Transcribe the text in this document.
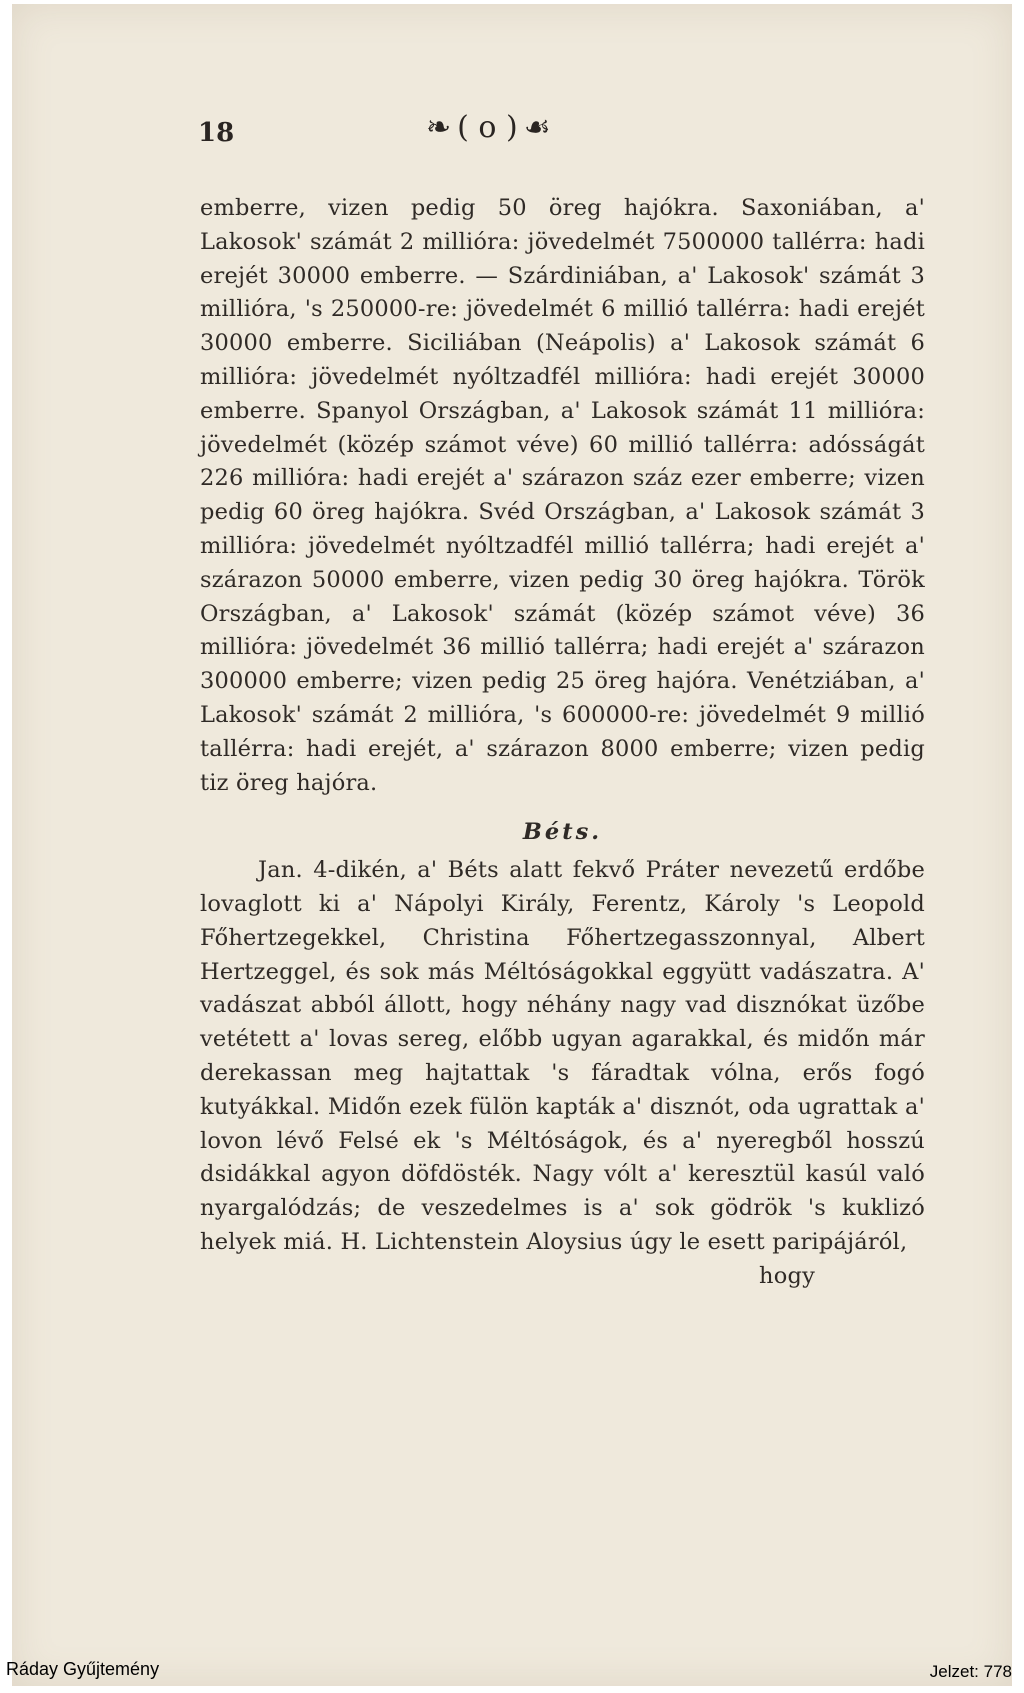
18	❧ ( o ) ☙

emberre, vizen pedig 50 öreg hajókra. Saxoniában, a' Lakosok' számát 2 millióra: jövedelmét 7500000 tallérra: hadi erejét 30000 emberre. — Szárdiniában, a' Lakosok' számát 3 millióra, 's 250000-re: jövedelmét 6 millió tallérra: hadi erejét 30000 emberre. Siciliában (Neápolis) a' Lakosok számát 6 millióra: jövedelmét nyóltzadfél millióra: hadi erejét 30000 emberre. Spanyol Országban, a' Lakosok számát 11 millióra: jövedelmét (közép számot véve) 60 millió tallérra: adósságát 226 millióra: hadi erejét a' szárazon száz ezer emberre; vizen pedig 60 öreg hajókra. Svéd Országban, a' Lakosok számát 3 millióra: jövedelmét nyóltzadfél millió tallérra; hadi erejét a' szárazon 50000 emberre, vizen pedig 30 öreg hajókra. Török Országban, a' Lakosok' számát (közép számot véve) 36 millióra: jövedelmét 36 millió tallérra; hadi erejét a' szárazon 300000 emberre; vizen pedig 25 öreg hajóra. Venétziában, a' Lakosok' számát 2 millióra, 's 600000-re: jövedelmét 9 millió tallérra: hadi erejét, a' szárazon 8000 emberre; vizen pedig tiz öreg hajóra.

Béts.

Jan. 4-dikén, a' Béts alatt fekvő Práter nevezetű erdőbe lovaglott ki a' Nápolyi Király, Ferentz, Károly 's Leopold Főhertzegekkel, Christina Főhertzegasszonnyal, Albert Hertzeggel, és sok más Méltóságokkal eggyütt vadászatra. A' vadászat abból állott, hogy néhány nagy vad disznókat üzőbe vetétett a' lovas sereg, előbb ugyan agarakkal, és midőn már derekassan meg hajtattak 's fáradtak vólna, erős fogó kutyákkal. Midőn ezek fülön kapták a' disznót, oda ugrattak a' lovon lévő Felsé ek 's Méltóságok, és a' nyeregből hosszú dsidákkal agyon döfdösték. Nagy vólt a' keresztül kasúl való nyargalódzás; de veszedelmes is a' sok gödrök 's kuklizó helyek miá. H. Lichtenstein Aloysius úgy le esett paripájáról,

hogy

Ráday Gyűjtemény	Jelzet: 778
